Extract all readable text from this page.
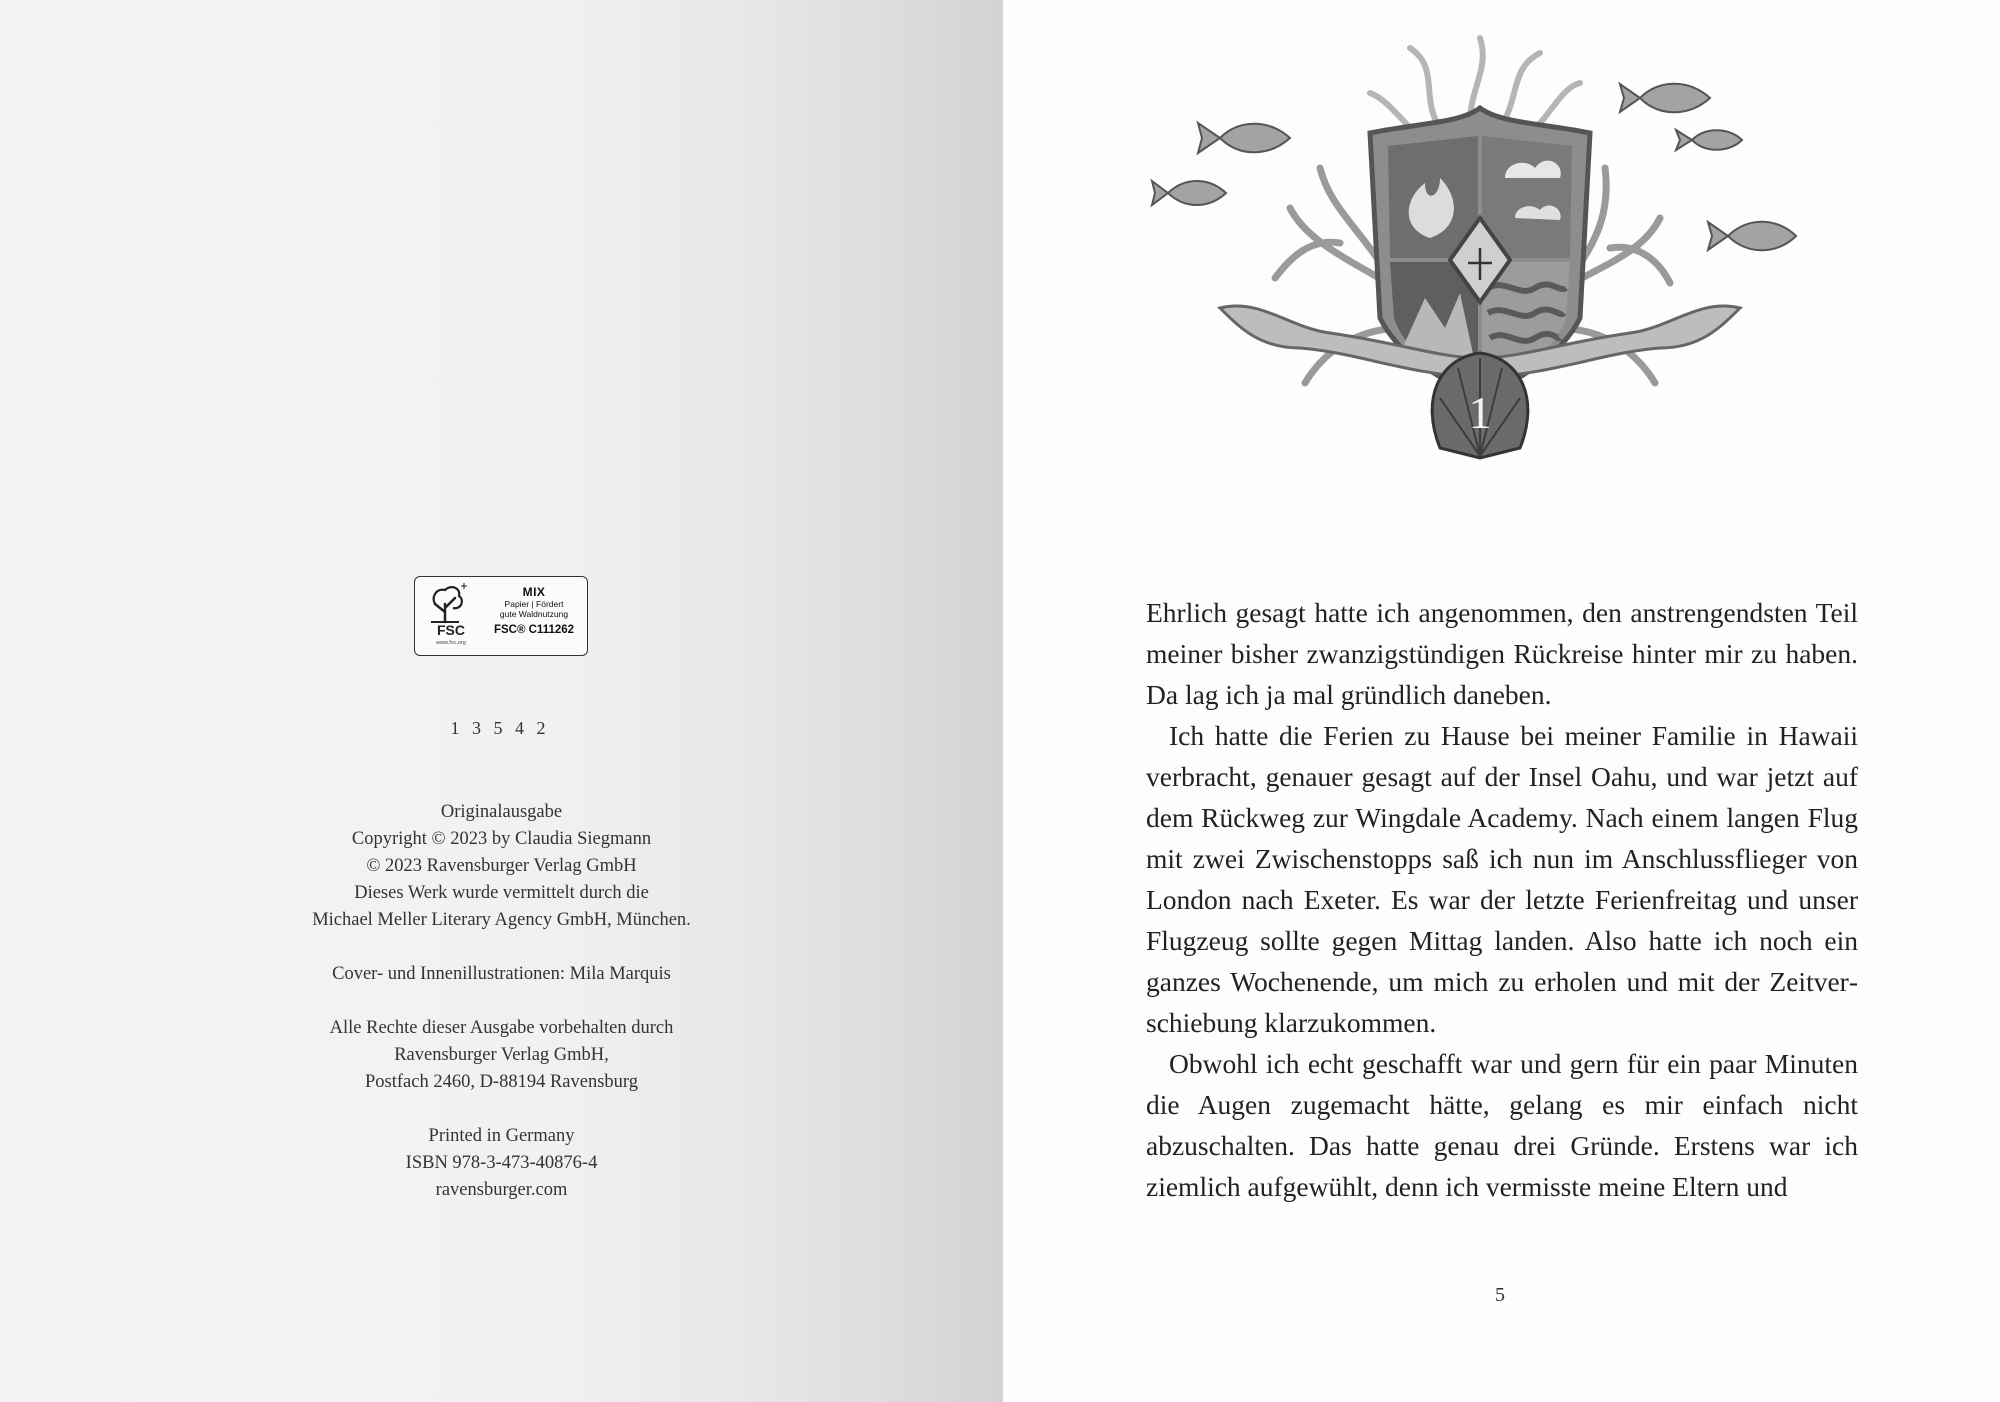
FSC
www.fsc.org
MIX
Papier | Fördert
gute Waldnutzung
FSC® C111262
1 3 5 4 2
Originalausgabe
Copyright © 2023 by Claudia Siegmann
© 2023 Ravensburger Verlag GmbH
Dieses Werk wurde vermittelt durch die
Michael Meller Literary Agency GmbH, München.
Cover- und Innenillustrationen: Mila Marquis
Alle Rechte dieser Ausgabe vorbehalten durch
Ravensburger Verlag GmbH,
Postfach 2460, D-88194 Ravensburg
Printed in Germany
ISBN 978-3-473-40876-4
ravensburger.com
1

Ehrlich gesagt hatte ich angenommen, den anstrengendsten Teil meiner bisher zwanzigstündigen Rückreise hinter mir zu haben. Da lag ich ja mal gründlich daneben.

Ich hatte die Ferien zu Hause bei meiner Familie in Hawaii verbracht, genauer gesagt auf der Insel Oahu, und war jetzt auf dem Rückweg zur Wingdale Academy. Nach einem langen Flug mit zwei Zwischenstopps saß ich nun im Anschlussflieger von London nach Exeter. Es war der letzte Ferienfreitag und unser Flugzeug sollte gegen Mittag landen. Also hatte ich noch ein ganzes Wochenende, um mich zu erholen und mit der Zeitverschiebung klarzukommen.

Obwohl ich echt geschafft war und gern für ein paar Minuten die Augen zugemacht hätte, gelang es mir einfach nicht abzuschalten. Das hatte genau drei Gründe. Erstens war ich ziemlich aufgewühlt, denn ich vermisste meine Eltern und

5
